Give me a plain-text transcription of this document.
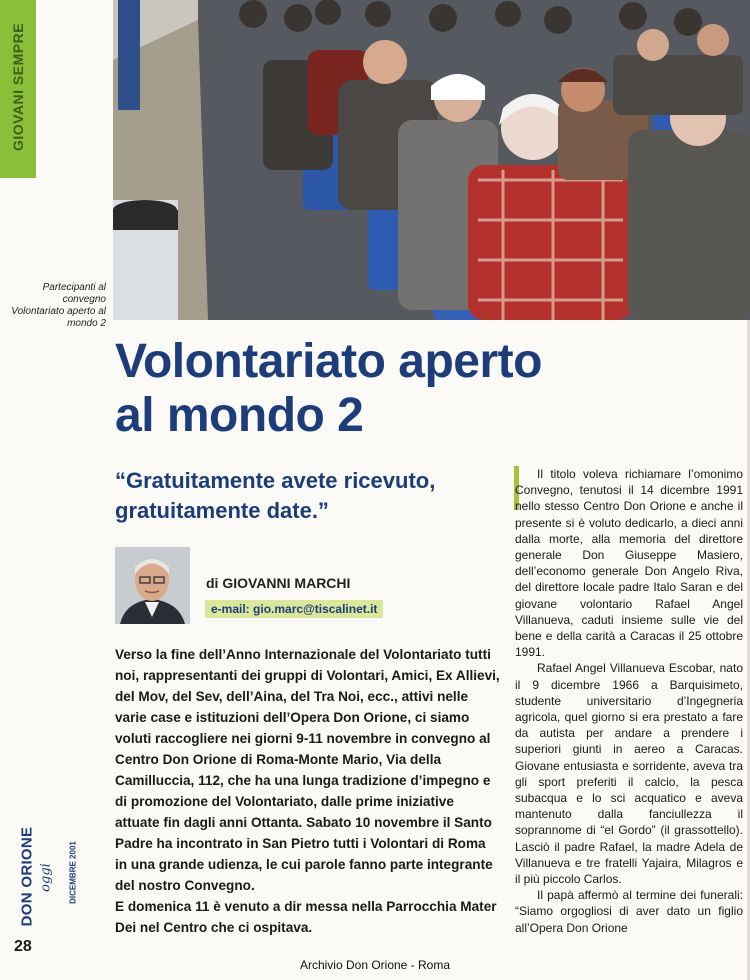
GIOVANI SEMPRE
Partecipanti al convegno Volontariato aperto al mondo 2
Volontariato aperto
al mondo 2
“Gratuitamente avete ricevuto,
gratuitamente date.”
di GIOVANNI MARCHI
e-mail: gio.marc@tiscalinet.it
Verso la fine dell’Anno Internazionale del Volontariato tutti noi, rappresentanti dei gruppi di Volontari, Amici, Ex Allievi, del Mov, del Sev, dell’Aina, del Tra Noi, ecc., attivi nelle varie case e istituzioni dell’Opera Don Orione, ci siamo voluti raccogliere nei giorni 9-11 novembre in convegno al Centro Don Orione di Roma-Monte Mario, Via della Camilluccia, 112, che ha una lunga tradizione d’impegno e di promozione del Volontariato, dalle prime iniziative attuate fin dagli anni Ottanta. Sabato 10 novembre il Santo Padre ha incontrato in San Pietro tutti i Volontari di Roma in una grande udienza, le cui parole fanno parte integrante del nostro Convegno.
E domenica 11 è venuto a dir messa nella Parrocchia Mater Dei nel Centro che ci ospitava.

Il titolo voleva richiamare l’omonimo Convegno, tenutosi il 14 dicembre 1991 nello stesso Centro Don Orione e anche il presente si è voluto dedicarlo, a dieci anni dalla morte, alla memoria del direttore generale Don Giuseppe Masiero, dell’economo generale Don Angelo Riva, del direttore locale padre Italo Saran e del giovane volontario Rafael Angel Villanueva, caduti insieme sulle vie del bene e della carità a Caracas il 25 ottobre 1991.

Rafael Angel Villanueva Escobar, nato il 9 dicembre 1966 a Barquisimeto, studente universitario d’Ingegneria agricola, quel giorno si era prestato a fare da autista per andare a prendere i superiori giunti in aereo a Caracas. Giovane entusiasta e sorridente, aveva tra gli sport preferiti il calcio, la pesca subacqua e lo sci acquatico e aveva mantenuto dalla fanciullezza il soprannome di “el Gordo” (il grassottello). Lasciò il padre Rafael, la madre Adela de Villanueva e tre fratelli Yajaira, Milagros e il più piccolo Carlos.

Il papà affermò al termine dei funerali: “Siamo orgogliosi di aver dato un figlio all’Opera Don Orione

DON ORIONE oggi DICEMBRE 2001
28
Archivio Don Orione - Roma
